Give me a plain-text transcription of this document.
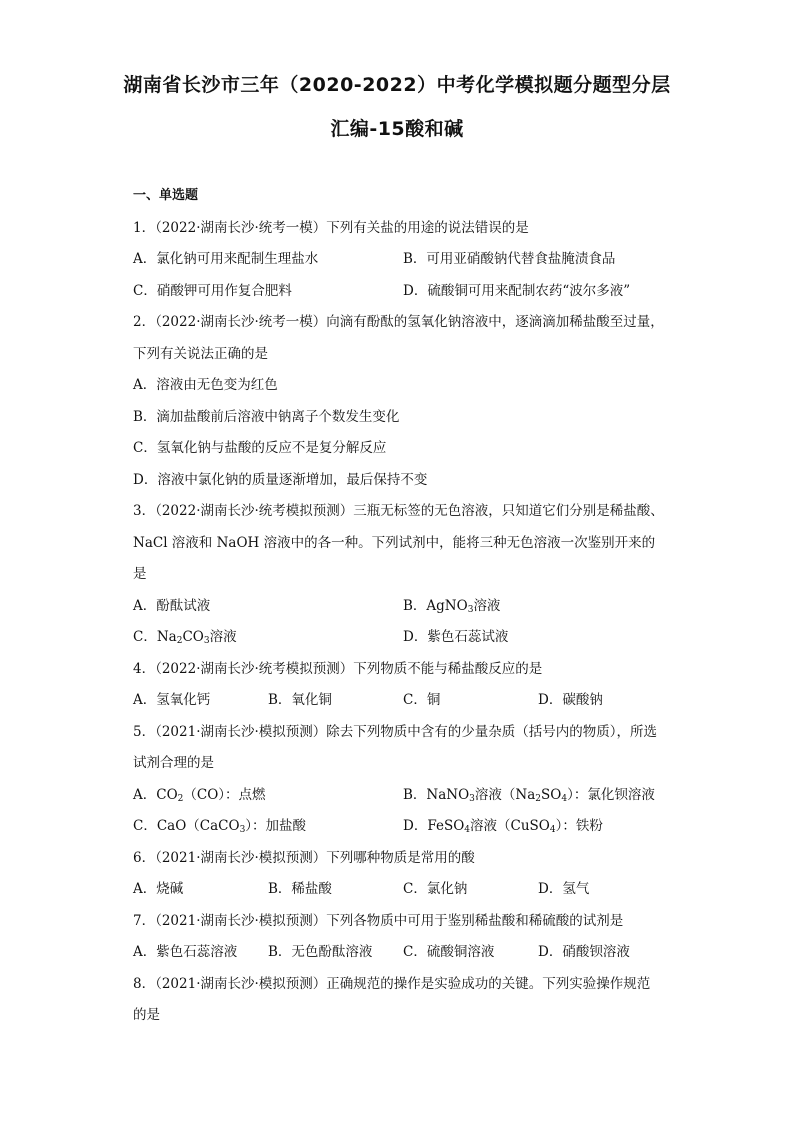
湖南省长沙市三年（2020-2022）中考化学模拟题分题型分层
汇编-15酸和碱
一、单选题
1．（2022·湖南长沙·统考一模）下列有关盐的用途的说法错误的是
A．氯化钠可用来配制生理盐水	B．可用亚硝酸钠代替食盐腌渍食品
C．硝酸钾可用作复合肥料	D．硫酸铜可用来配制农药“波尔多液”
2．（2022·湖南长沙·统考一模）向滴有酚酞的氢氧化钠溶液中，逐滴滴加稀盐酸至过量，
下列有关说法正确的是
A．溶液由无色变为红色
B．滴加盐酸前后溶液中钠离子个数发生变化
C．氢氧化钠与盐酸的反应不是复分解反应
D．溶液中氯化钠的质量逐渐增加，最后保持不变
3．（2022·湖南长沙·统考模拟预测）三瓶无标签的无色溶液，只知道它们分别是稀盐酸、
NaCl 溶液和 NaOH 溶液中的各一种。下列试剂中，能将三种无色溶液一次鉴别开来的
是
A．酚酞试液	B．AgNO$_3$溶液
C．$Na_2CO_3$溶液	D．紫色石蕊试液
4．（2022·湖南长沙·统考模拟预测）下列物质不能与稀盐酸反应的是
A．氢氧化钙	B．氧化铜	C．铜	D．碳酸钠
5．（2021·湖南长沙·模拟预测）除去下列物质中含有的少量杂质（括号内的物质），所选
试剂合理的是
A．$CO_2(CO)$：点燃	B．NaNO$_3$溶液$(Na_2SO_4)$：氯化钡溶液
C．CaO（CaCO$_3$）：加盐酸	D．FeSO$_4$溶液（CuSO$_4$）：铁粉
6．（2021·湖南长沙·模拟预测）下列哪种物质是常用的酸
A．烧碱	B．稀盐酸	C．氯化钠	D．氢气
7．（2021·湖南长沙·模拟预测）下列各物质中可用于鉴别稀盐酸和稀硫酸的试剂是
A．紫色石蕊溶液	B．无色酚酞溶液	C．硫酸铜溶液	D．硝酸钡溶液
8．（2021·湖南长沙·模拟预测）正确规范的操作是实验成功的关键。下列实验操作规范
的是
